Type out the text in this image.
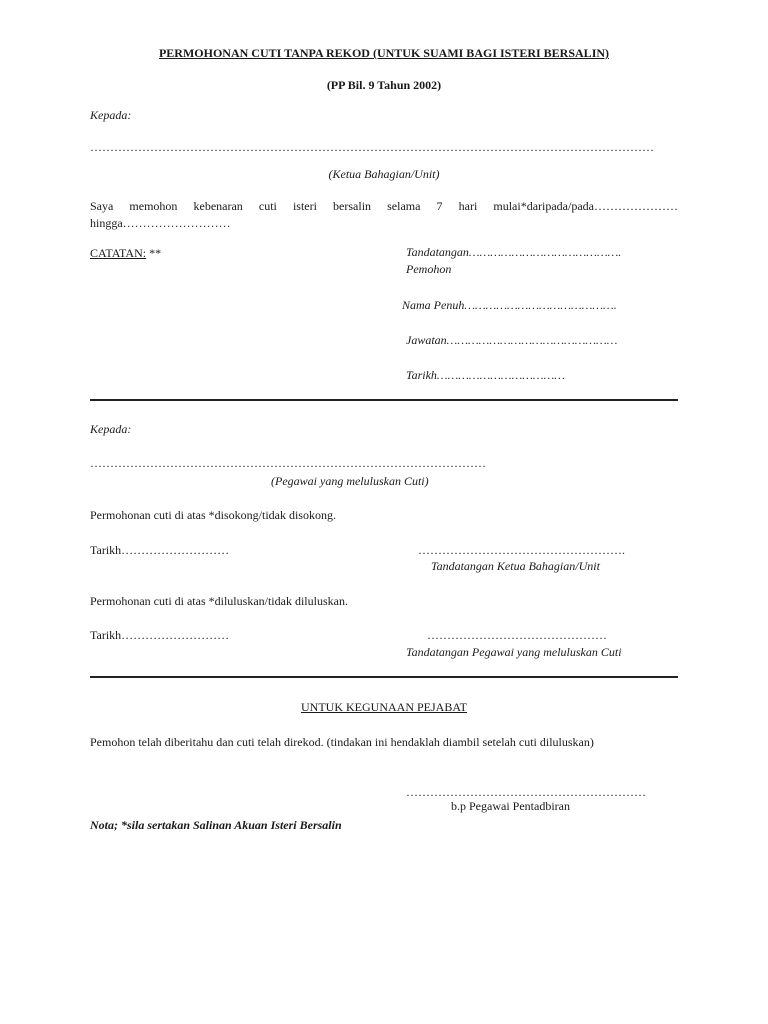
PERMOHONAN CUTI TANPA REKOD (UNTUK SUAMI BAGI ISTERI BERSALIN)
(PP Bil. 9 Tahun 2002)
Kepada:
……………………………………………………………………………………………………………………………
(Ketua Bahagian/Unit)
Saya memohon kebenaran cuti isteri bersalin selama 7 hari mulai*daripada/pada…………………
hingga………………………
CATATAN: **	Tandatangan…………………………………….
Pemohon
Nama Penuh…………………………………….
Jawatan…………………………………………
Tarikh………………………………
Kepada:
………………………………………………………………………………………
(Pegawai yang meluluskan Cuti)
Permohonan cuti di atas *disokong/tidak disokong.
Tarikh………………………	…………………………………………….
Tandatangan Ketua Bahagian/Unit
Permohonan cuti di atas *diluluskan/tidak diluluskan.
Tarikh………………………	………………………………………
Tandatangan Pegawai yang meluluskan Cuti
UNTUK KEGUNAAN PEJABAT
Pemohon telah diberitahu dan cuti telah direkod. (tindakan ini hendaklah diambil setelah cuti diluluskan)
……………………………………………………
b.p Pegawai Pentadbiran
Nota; *sila sertakan Salinan Akuan Isteri Bersalin
